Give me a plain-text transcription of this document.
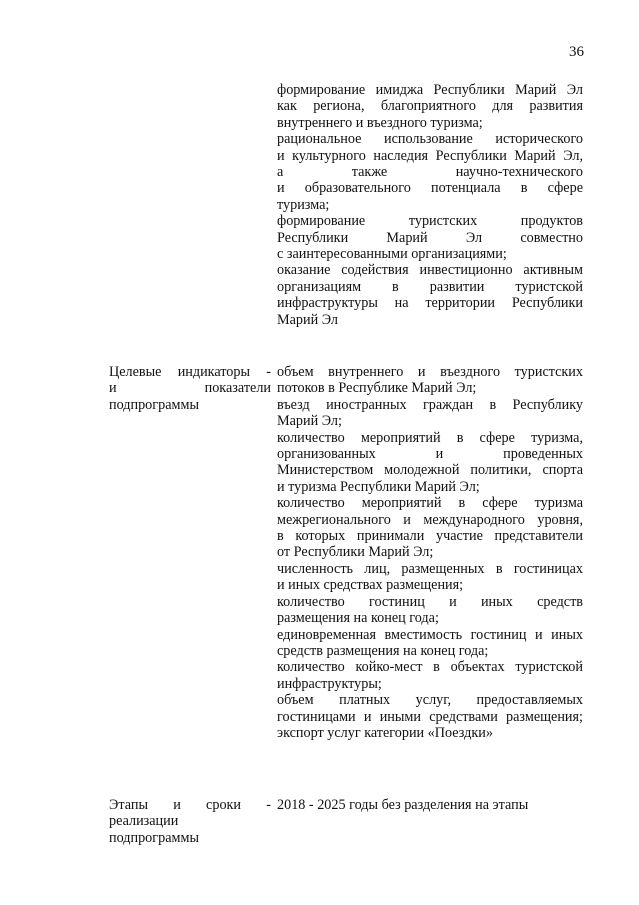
36
формирование имиджа Республики Марий Эл
как региона, благоприятного для развития
внутреннего и въездного туризма;
рациональное использование исторического
и культурного наследия Республики Марий Эл,
а также научно-технического
и образовательного потенциала в сфере
туризма;
формирование туристских продуктов
Республики Марий Эл совместно
с заинтересованными организациями;
оказание содействия инвестиционно активным
организациям в развитии туристской
инфраструктуры на территории Республики
Марий Эл
Целевые индикаторы -
и показатели
подпрограммы
объем внутреннего и въездного туристских
потоков в Республике Марий Эл;
въезд иностранных граждан в Республику
Марий Эл;
количество мероприятий в сфере туризма,
организованных и проведенных
Министерством молодежной политики, спорта
и туризма Республики Марий Эл;
количество мероприятий в сфере туризма
межрегионального и международного уровня,
в которых принимали участие представители
от Республики Марий Эл;
численность лиц, размещенных в гостиницах
и иных средствах размещения;
количество гостиниц и иных средств
размещения на конец года;
единовременная вместимость гостиниц и иных
средств размещения на конец года;
количество койко-мест в объектах туристской
инфраструктуры;
объем платных услуг, предоставляемых
гостиницами и иными средствами размещения;
экспорт услуг категории «Поездки»
Этапы и сроки -
реализации
подпрограммы
2018 - 2025 годы без разделения на этапы
